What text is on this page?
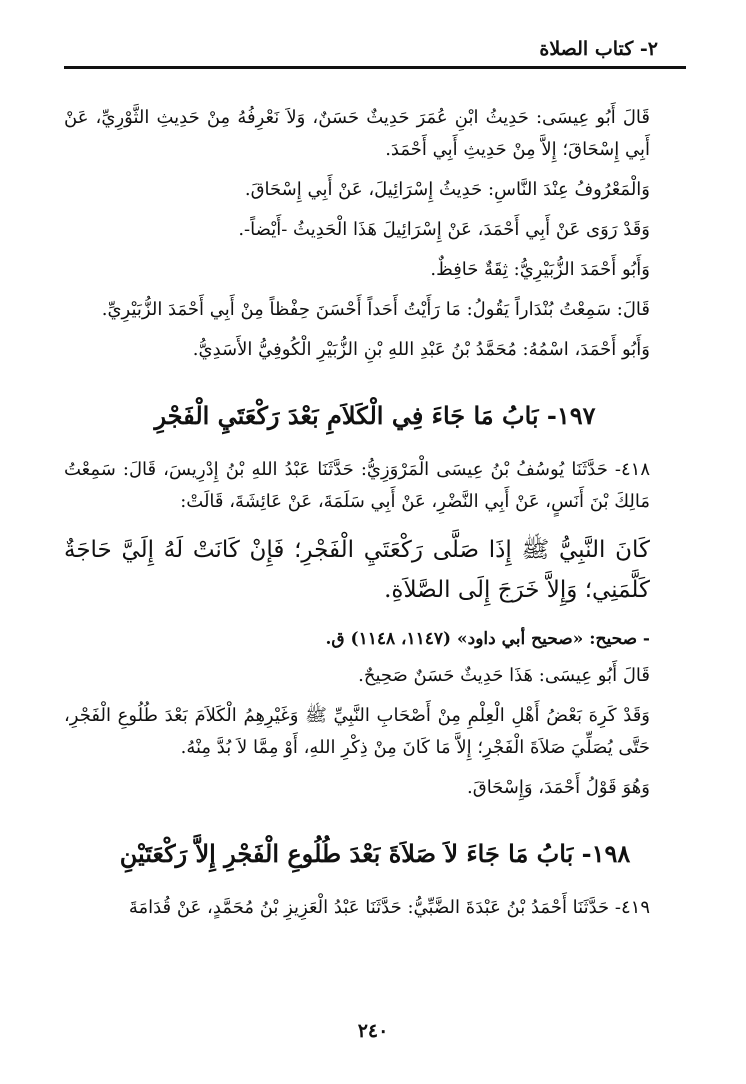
٢- كتاب الصلاة

قَالَ أَبُو عِيسَى: حَدِيثُ ابْنِ عُمَرَ حَدِيثٌ حَسَنٌ، وَلاَ نَعْرِفُهُ مِنْ حَدِيثِ الثَّوْرِيِّ، عَنْ أَبِي إِسْحَاقَ؛ إِلاَّ مِنْ حَدِيثِ أَبِي أَحْمَدَ.

وَالْمَعْرُوفُ عِنْدَ النَّاسِ: حَدِيثُ إِسْرَائِيلَ، عَنْ أَبِي إِسْحَاقَ.

وَقَدْ رَوَى عَنْ أَبِي أَحْمَدَ، عَنْ إِسْرَائِيلَ هَذَا الْحَدِيثُ -أَيْضاً-.

وَأَبُو أَحْمَدَ الزُّبَيْرِيُّ: ثِقَةٌ حَافِظٌ.

قَالَ: سَمِعْتُ بُنْدَاراً يَقُولُ: مَا رَأَيْتُ أَحَداً أَحْسَنَ حِفْظاً مِنْ أَبِي أَحْمَدَ الزُّبَيْرِيِّ.

وَأَبُو أَحْمَدَ، اسْمُهُ: مُحَمَّدُ بْنُ عَبْدِ اللهِ بْنِ الزُّبَيْرِ الْكُوفِيُّ الأَسَدِيُّ.

١٩٧- بَابُ مَا جَاءَ فِي الْكَلاَمِ بَعْدَ رَكْعَتَيِ الْفَجْرِ

٤١٨- حَدَّثَنَا يُوسُفُ بْنُ عِيسَى الْمَرْوَزِيُّ: حَدَّثَنَا عَبْدُ اللهِ بْنُ إِدْرِيسَ، قَالَ: سَمِعْتُ مَالِكَ بْنَ أَنَسٍ، عَنْ أَبِي النَّضْرِ، عَنْ أَبِي سَلَمَةَ، عَنْ عَائِشَةَ، قَالَتْ:

كَانَ النَّبِيُّ ﷺ إِذَا صَلَّى رَكْعَتَيِ الْفَجْرِ؛ فَإِنْ كَانَتْ لَهُ إِلَيَّ حَاجَةٌ كَلَّمَنِي؛ وَإِلاَّ خَرَجَ إِلَى الصَّلاَةِ.

- صحيح: «صحيح أبي داود» (١١٤٧، ١١٤٨) ق.

قَالَ أَبُو عِيسَى: هَذَا حَدِيثٌ حَسَنٌ صَحِيحٌ.

وَقَدْ كَرِهَ بَعْضُ أَهْلِ الْعِلْمِ مِنْ أَصْحَابِ النَّبِيِّ ﷺ وَغَيْرِهِمُ الْكَلاَمَ بَعْدَ طُلُوعِ الْفَجْرِ، حَتَّى يُصَلِّيَ صَلاَةَ الْفَجْرِ؛ إِلاَّ مَا كَانَ مِنْ ذِكْرِ اللهِ، أَوْ مِمَّا لاَ بُدَّ مِنْهُ.

وَهُوَ قَوْلُ أَحْمَدَ، وَإِسْحَاقَ.

١٩٨- بَابُ مَا جَاءَ لاَ صَلاَةَ بَعْدَ طُلُوعِ الْفَجْرِ إِلاَّ رَكْعَتَيْنِ

٤١٩- حَدَّثَنَا أَحْمَدُ بْنُ عَبْدَةَ الضَّبِّيُّ: حَدَّثَنَا عَبْدُ الْعَزِيزِ بْنُ مُحَمَّدٍ، عَنْ قُدَامَةَ

٢٤٠
